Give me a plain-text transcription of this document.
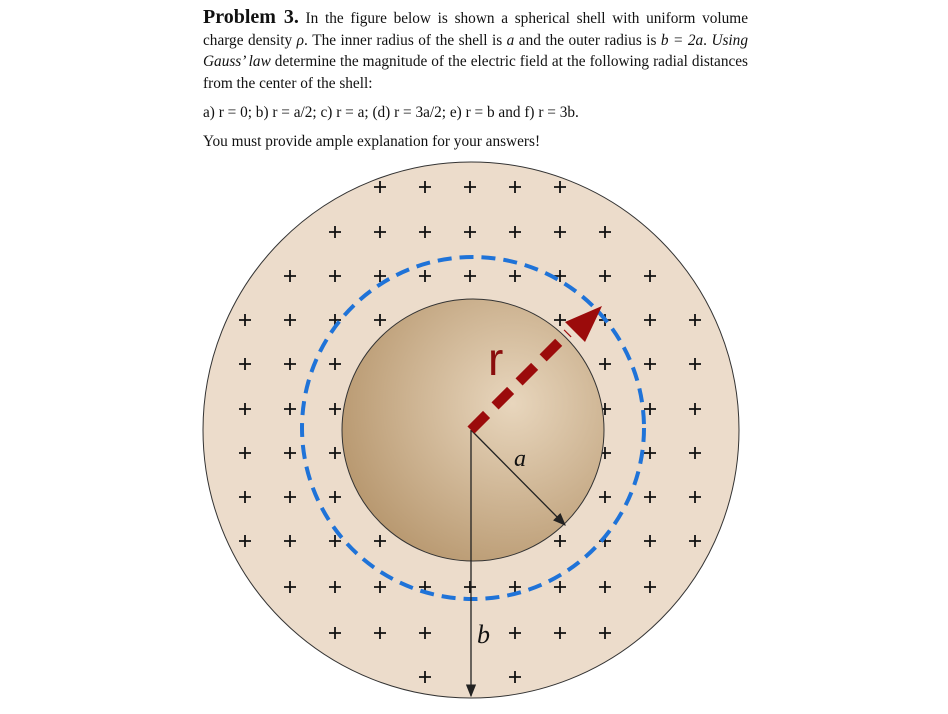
Problem 3. In the figure below is shown a spherical shell with uniform volume charge density ρ. The inner radius of the shell is a and the outer radius is b = 2a. Using Gauss’ law determine the magnitude of the electric field at the following radial distances from the center of the shell:
a) r = 0; b) r = a/2; c) r = a; (d) r = 3a/2; e) r = b and f) r = 3b.
You must provide ample explanation for your answers!
r
a
b
